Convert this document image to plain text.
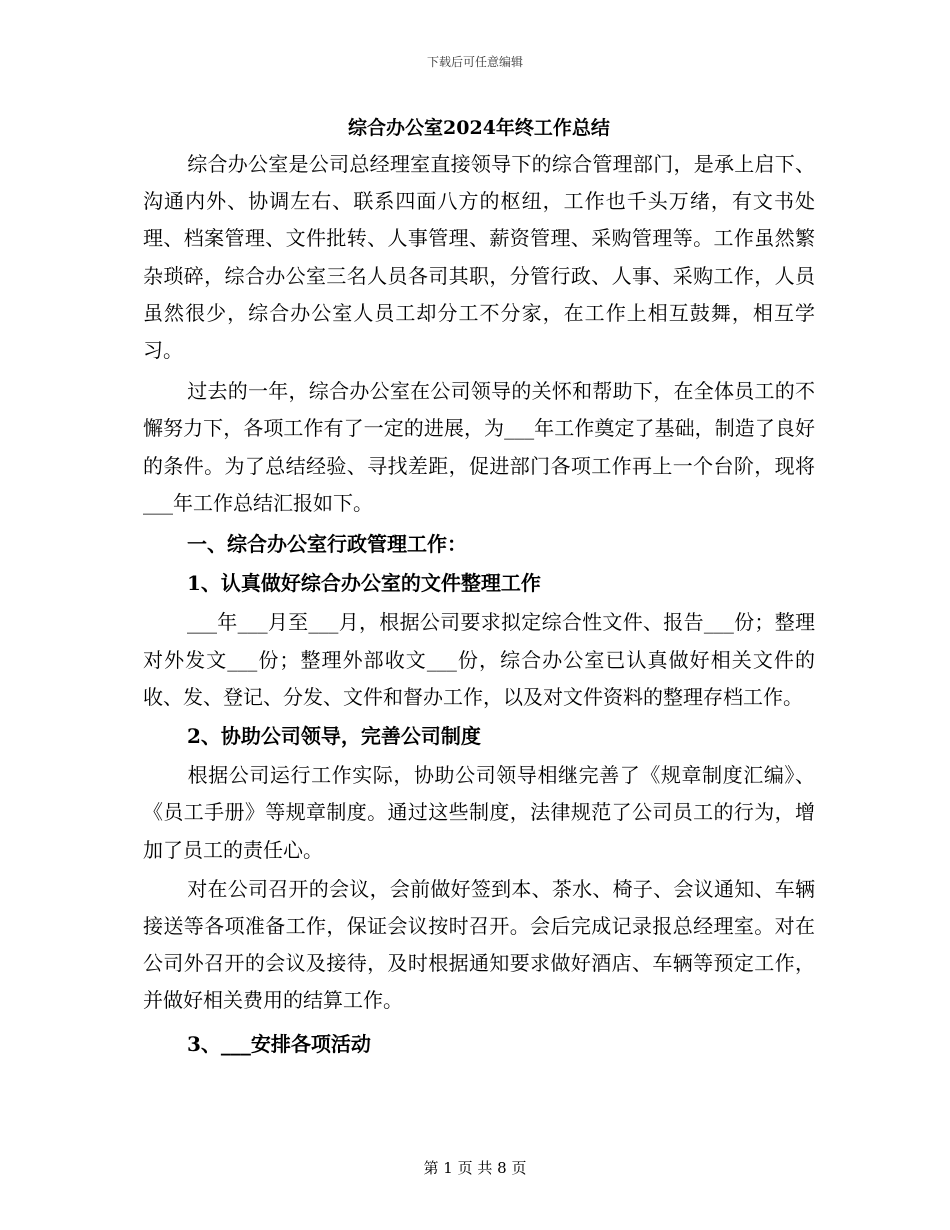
下载后可任意编辑
综合办公室2024年终工作总结

综合办公室是公司总经理室直接领导下的综合管理部门，是承上启下、沟通内外、协调左右、联系四面八方的枢纽，工作也千头万绪，有文书处理、档案管理、文件批转、人事管理、薪资管理、采购管理等。工作虽然繁杂琐碎，综合办公室三名人员各司其职，分管行政、人事、采购工作，人员虽然很少，综合办公室人员工却分工不分家，在工作上相互鼓舞，相互学习。

过去的一年，综合办公室在公司领导的关怀和帮助下，在全体员工的不懈努力下，各项工作有了一定的进展，为___年工作奠定了基础，制造了良好的条件。为了总结经验、寻找差距，促进部门各项工作再上一个台阶，现将___年工作总结汇报如下。

一、综合办公室行政管理工作：

1、认真做好综合办公室的文件整理工作

___年___月至___月，根据公司要求拟定综合性文件、报告___份；整理对外发文___份；整理外部收文___份，综合办公室已认真做好相关文件的收、发、登记、分发、文件和督办工作，以及对文件资料的整理存档工作。

2、协助公司领导，完善公司制度

根据公司运行工作实际，协助公司领导相继完善了《规章制度汇编》、《员工手册》等规章制度。通过这些制度，法律规范了公司员工的行为，增加了员工的责任心。

对在公司召开的会议，会前做好签到本、茶水、椅子、会议通知、车辆接送等各项准备工作，保证会议按时召开。会后完成记录报总经理室。对在公司外召开的会议及接待，及时根据通知要求做好酒店、车辆等预定工作，并做好相关费用的结算工作。

3、___安排各项活动

第 1 页 共 8 页
